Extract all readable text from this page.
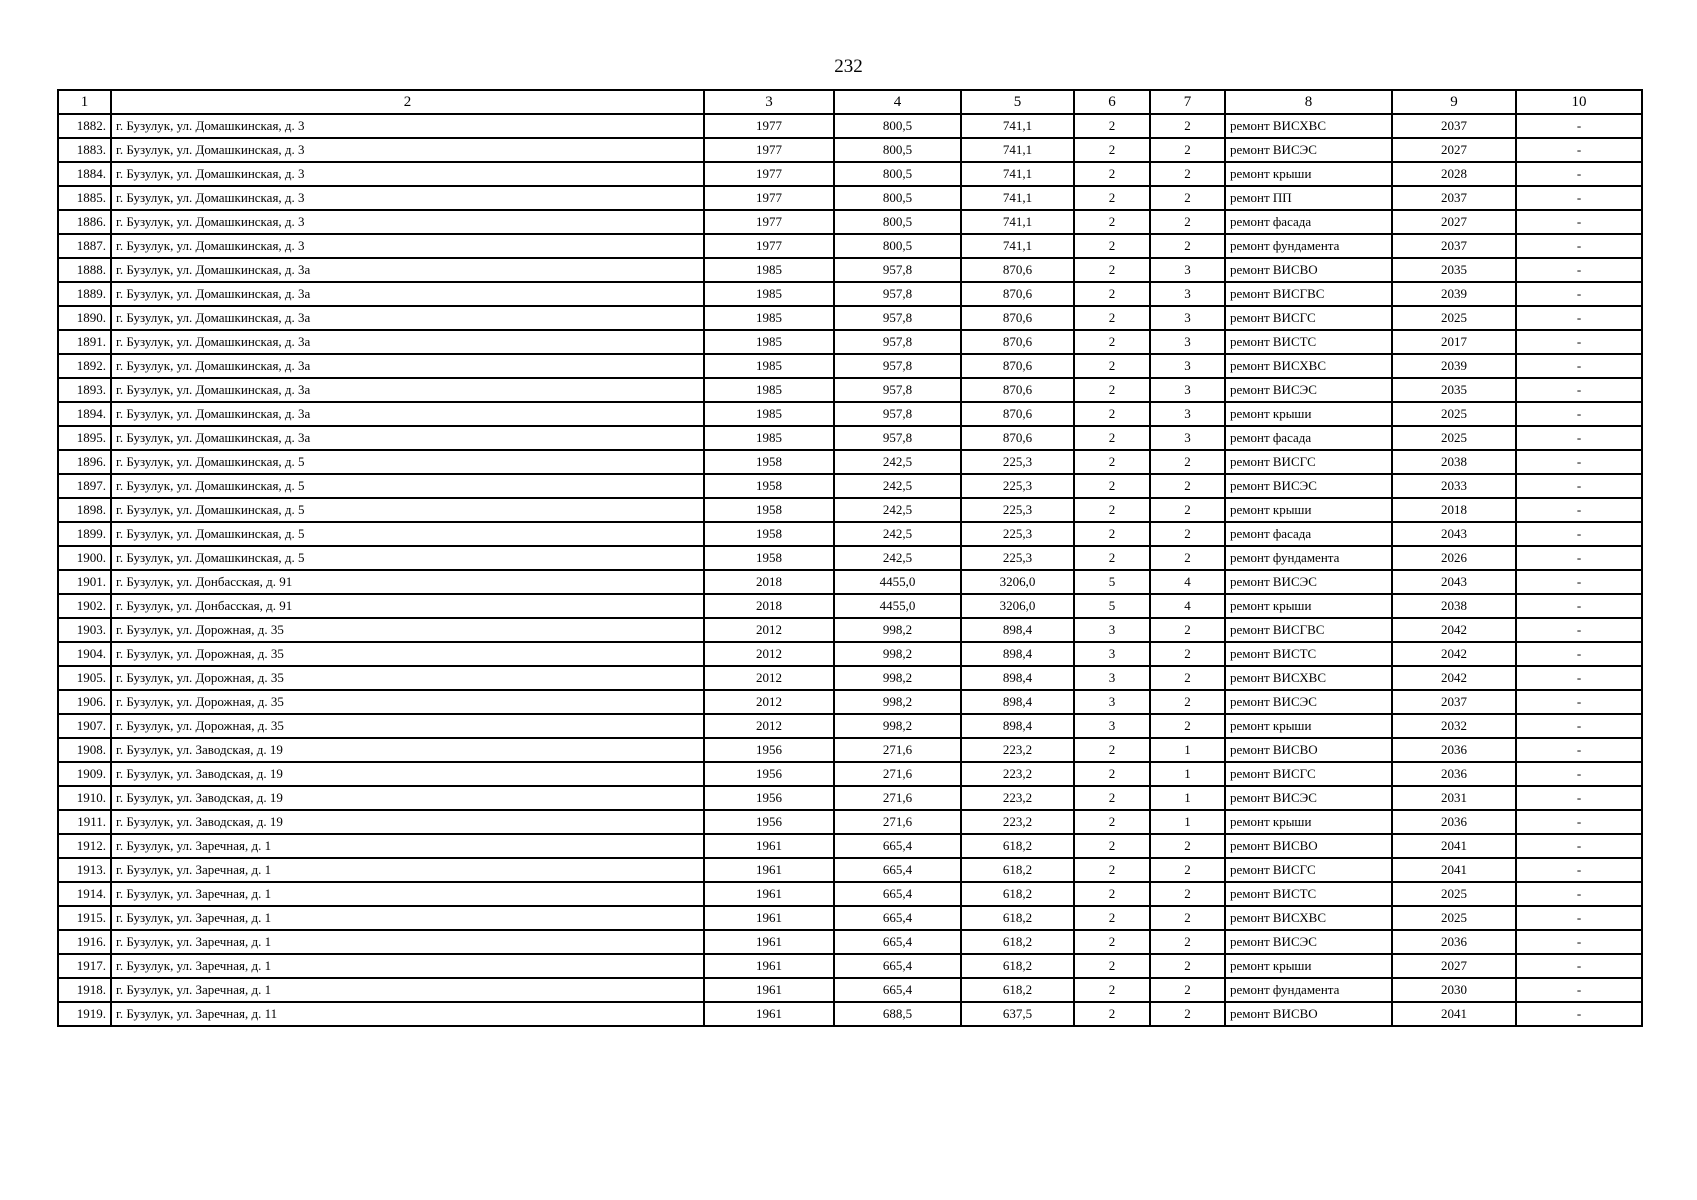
232
1	2	3	4	5	6	7	8	9	10
1882.	г. Бузулук, ул. Домашкинская, д. 3	1977	800,5	741,1	2	2	ремонт ВИСХВС	2037	-
1883.	г. Бузулук, ул. Домашкинская, д. 3	1977	800,5	741,1	2	2	ремонт ВИСЭС	2027	-
1884.	г. Бузулук, ул. Домашкинская, д. 3	1977	800,5	741,1	2	2	ремонт крыши	2028	-
1885.	г. Бузулук, ул. Домашкинская, д. 3	1977	800,5	741,1	2	2	ремонт ПП	2037	-
1886.	г. Бузулук, ул. Домашкинская, д. 3	1977	800,5	741,1	2	2	ремонт фасада	2027	-
1887.	г. Бузулук, ул. Домашкинская, д. 3	1977	800,5	741,1	2	2	ремонт фундамента	2037	-
1888.	г. Бузулук, ул. Домашкинская, д. 3а	1985	957,8	870,6	2	3	ремонт ВИСВО	2035	-
1889.	г. Бузулук, ул. Домашкинская, д. 3а	1985	957,8	870,6	2	3	ремонт ВИСГВС	2039	-
1890.	г. Бузулук, ул. Домашкинская, д. 3а	1985	957,8	870,6	2	3	ремонт ВИСГС	2025	-
1891.	г. Бузулук, ул. Домашкинская, д. 3а	1985	957,8	870,6	2	3	ремонт ВИСТС	2017	-
1892.	г. Бузулук, ул. Домашкинская, д. 3а	1985	957,8	870,6	2	3	ремонт ВИСХВС	2039	-
1893.	г. Бузулук, ул. Домашкинская, д. 3а	1985	957,8	870,6	2	3	ремонт ВИСЭС	2035	-
1894.	г. Бузулук, ул. Домашкинская, д. 3а	1985	957,8	870,6	2	3	ремонт крыши	2025	-
1895.	г. Бузулук, ул. Домашкинская, д. 3а	1985	957,8	870,6	2	3	ремонт фасада	2025	-
1896.	г. Бузулук, ул. Домашкинская, д. 5	1958	242,5	225,3	2	2	ремонт ВИСГС	2038	-
1897.	г. Бузулук, ул. Домашкинская, д. 5	1958	242,5	225,3	2	2	ремонт ВИСЭС	2033	-
1898.	г. Бузулук, ул. Домашкинская, д. 5	1958	242,5	225,3	2	2	ремонт крыши	2018	-
1899.	г. Бузулук, ул. Домашкинская, д. 5	1958	242,5	225,3	2	2	ремонт фасада	2043	-
1900.	г. Бузулук, ул. Домашкинская, д. 5	1958	242,5	225,3	2	2	ремонт фундамента	2026	-
1901.	г. Бузулук, ул. Донбасская, д. 91	2018	4455,0	3206,0	5	4	ремонт ВИСЭС	2043	-
1902.	г. Бузулук, ул. Донбасская, д. 91	2018	4455,0	3206,0	5	4	ремонт крыши	2038	-
1903.	г. Бузулук, ул. Дорожная, д. 35	2012	998,2	898,4	3	2	ремонт ВИСГВС	2042	-
1904.	г. Бузулук, ул. Дорожная, д. 35	2012	998,2	898,4	3	2	ремонт ВИСТС	2042	-
1905.	г. Бузулук, ул. Дорожная, д. 35	2012	998,2	898,4	3	2	ремонт ВИСХВС	2042	-
1906.	г. Бузулук, ул. Дорожная, д. 35	2012	998,2	898,4	3	2	ремонт ВИСЭС	2037	-
1907.	г. Бузулук, ул. Дорожная, д. 35	2012	998,2	898,4	3	2	ремонт крыши	2032	-
1908.	г. Бузулук, ул. Заводская, д. 19	1956	271,6	223,2	2	1	ремонт ВИСВО	2036	-
1909.	г. Бузулук, ул. Заводская, д. 19	1956	271,6	223,2	2	1	ремонт ВИСГС	2036	-
1910.	г. Бузулук, ул. Заводская, д. 19	1956	271,6	223,2	2	1	ремонт ВИСЭС	2031	-
1911.	г. Бузулук, ул. Заводская, д. 19	1956	271,6	223,2	2	1	ремонт крыши	2036	-
1912.	г. Бузулук, ул. Заречная, д. 1	1961	665,4	618,2	2	2	ремонт ВИСВО	2041	-
1913.	г. Бузулук, ул. Заречная, д. 1	1961	665,4	618,2	2	2	ремонт ВИСГС	2041	-
1914.	г. Бузулук, ул. Заречная, д. 1	1961	665,4	618,2	2	2	ремонт ВИСТС	2025	-
1915.	г. Бузулук, ул. Заречная, д. 1	1961	665,4	618,2	2	2	ремонт ВИСХВС	2025	-
1916.	г. Бузулук, ул. Заречная, д. 1	1961	665,4	618,2	2	2	ремонт ВИСЭС	2036	-
1917.	г. Бузулук, ул. Заречная, д. 1	1961	665,4	618,2	2	2	ремонт крыши	2027	-
1918.	г. Бузулук, ул. Заречная, д. 1	1961	665,4	618,2	2	2	ремонт фундамента	2030	-
1919.	г. Бузулук, ул. Заречная, д. 11	1961	688,5	637,5	2	2	ремонт ВИСВО	2041	-
